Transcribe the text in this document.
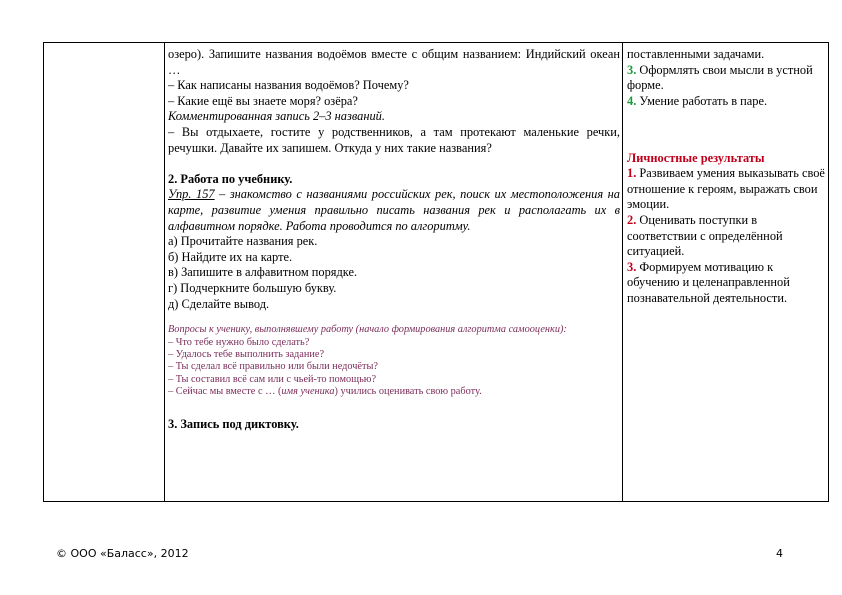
озеро). Запишите названия водоёмов вместе с общим названием: Индийский океан …

– Как написаны названия водоёмов? Почему?

– Какие ещё вы знаете моря? озёра?

Комментированная запись 2–3 названий.

– Вы отдыхаете, гостите у родственников, а там протекают маленькие речки, речушки. Давайте их запишем. Откуда у них такие названия?

2. Работа по учебнику.

Упр. 157 – знакомство с названиями российских рек, поиск их местоположения на карте, развитие умения правильно писать названия рек и располагать их в алфавитном порядке. Работа проводится по алгоритму.

а) Прочитайте названия рек.

б) Найдите их на карте.

в) Запишите в алфавитном порядке.

г) Подчеркните большую букву.

д) Сделайте вывод.

Вопросы к ученику, выполнявшему работу (начало формирования алгоритма самооценки):

– Что тебе нужно было сделать?

– Удалось тебе выполнить задание?

– Ты сделал всё правильно или были недочёты?

– Ты составил всё сам или с чьей-то помощью?

– Сейчас мы вместе с … (имя ученика) учились оценивать свою работу.

3. Запись под диктовку.

поставленными задачами.

3. Оформлять свои мысли в устной форме.

4. Умение работать в паре.

Личностные результаты

1. Развиваем умения выказывать своё отношение к героям, выражать свои эмоции.

2. Оценивать поступки в соответствии с определённой ситуацией.

3. Формируем мотивацию к обучению и целенаправленной познавательной деятельности.

© ООО «Баласс», 2012	4
